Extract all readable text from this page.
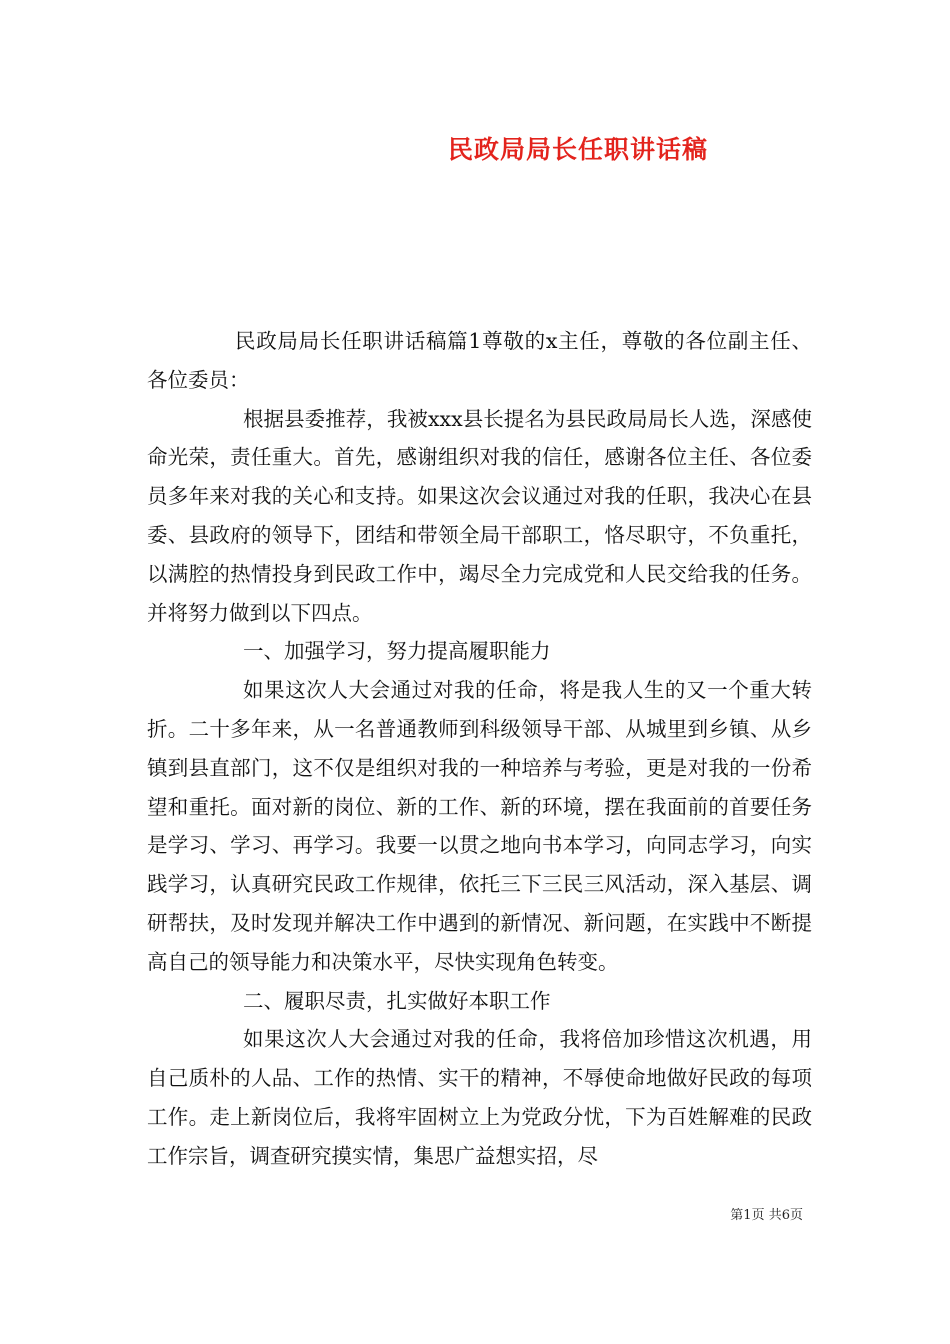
民政局局长任职讲话稿

民政局局长任职讲话稿篇1尊敬的x主任，尊敬的各位副主任、各位委员：

根据县委推荐，我被xxx县长提名为县民政局局长人选，深感使命光荣，责任重大。首先，感谢组织对我的信任，感谢各位主任、各位委员多年来对我的关心和支持。如果这次会议通过对我的任职，我决心在县委、县政府的领导下，团结和带领全局干部职工，恪尽职守，不负重托，以满腔的热情投身到民政工作中，竭尽全力完成党和人民交给我的任务。并将努力做到以下四点。

一、加强学习，努力提高履职能力

如果这次人大会通过对我的任命，将是我人生的又一个重大转折。二十多年来，从一名普通教师到科级领导干部、从城里到乡镇、从乡镇到县直部门，这不仅是组织对我的一种培养与考验，更是对我的一份希望和重托。面对新的岗位、新的工作、新的环境，摆在我面前的首要任务是学习、学习、再学习。我要一以贯之地向书本学习，向同志学习，向实践学习，认真研究民政工作规律，依托三下三民三风活动，深入基层、调研帮扶，及时发现并解决工作中遇到的新情况、新问题，在实践中不断提高自己的领导能力和决策水平，尽快实现角色转变。

二、履职尽责，扎实做好本职工作

如果这次人大会通过对我的任命，我将倍加珍惜这次机遇，用自己质朴的人品、工作的热情、实干的精神，不辱使命地做好民政的每项工作。走上新岗位后，我将牢固树立上为党政分忧，下为百姓解难的民政工作宗旨，调查研究摸实情，集思广益想实招，尽

第1页 共6页
